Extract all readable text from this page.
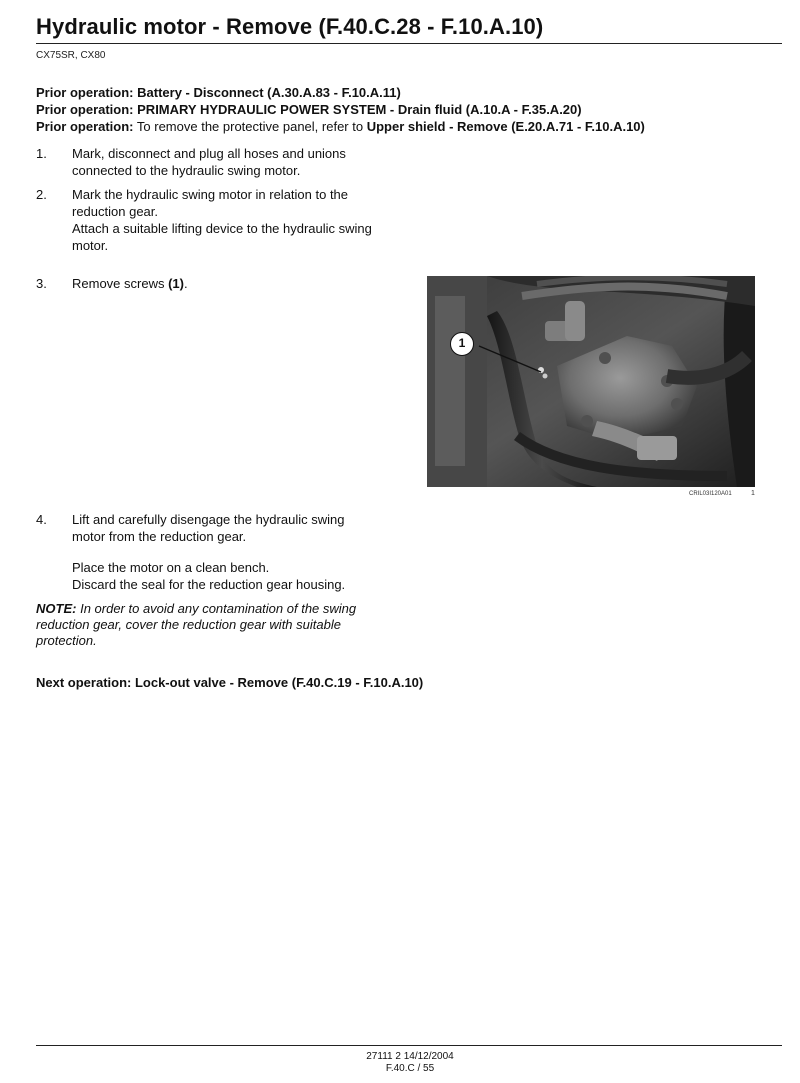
Hydraulic motor - Remove (F.40.C.28 - F.10.A.10)
CX75SR, CX80
Prior operation: Battery - Disconnect (A.30.A.83 - F.10.A.11)
Prior operation: PRIMARY HYDRAULIC POWER SYSTEM - Drain fluid (A.10.A - F.35.A.20)
Prior operation: To remove the protective panel, refer to Upper shield - Remove (E.20.A.71 - F.10.A.10)
1.	Mark, disconnect and plug all hoses and unions

connected to the hydraulic swing motor.

2.	Mark the hydraulic swing motor in relation to the

reduction gear.

Attach a suitable lifting device to the hydraulic swing

motor.

3.	Remove screws (1).
1
CRIL03I120A01	1
4.	Lift and carefully disengage the hydraulic swing

motor from the reduction gear.

Place the motor on a clean bench.

Discard the seal for the reduction gear housing.

NOTE: In order to avoid any contamination of the swing
reduction gear, cover the reduction gear with suitable
protection.
Next operation: Lock-out valve - Remove (F.40.C.19 - F.10.A.10)
27111 2 14/12/2004
F.40.C / 55
